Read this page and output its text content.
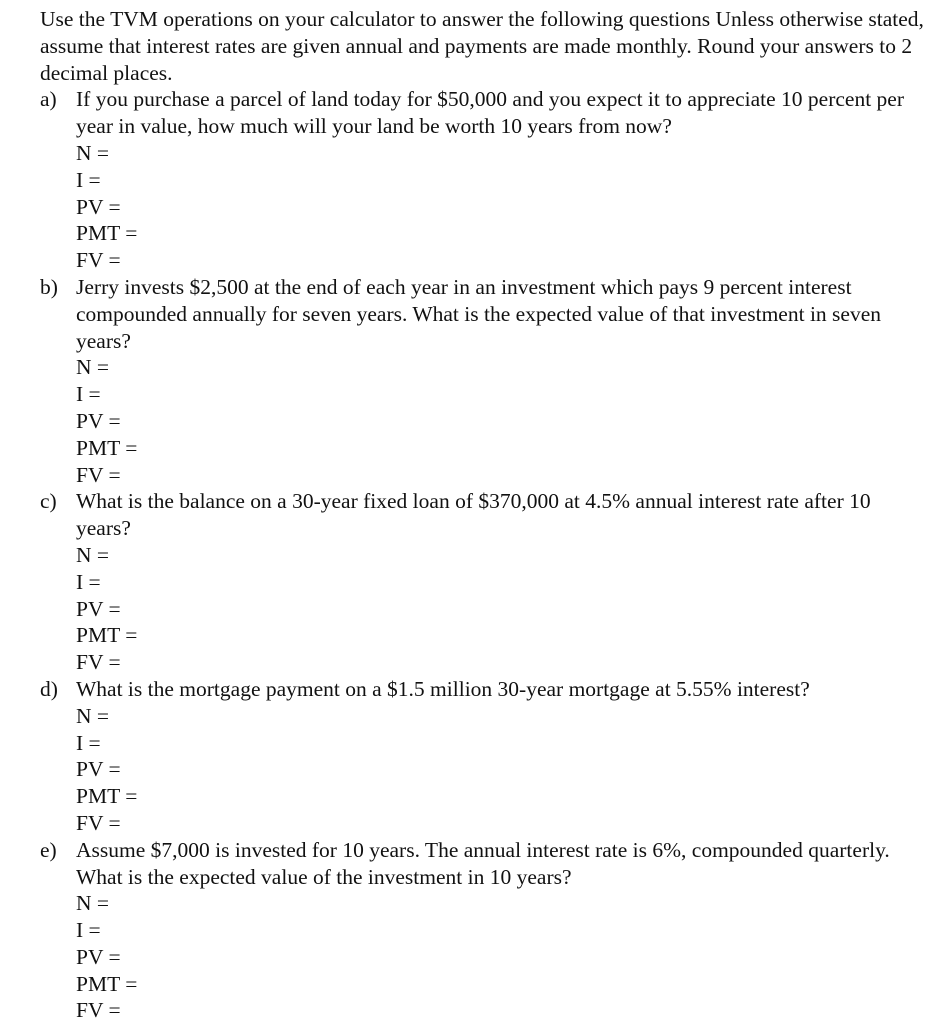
Use the TVM operations on your calculator to answer the following questions Unless otherwise stated, assume that interest rates are given annual and payments are made monthly. Round your answers to 2 decimal places.

a) If you purchase a parcel of land today for $50,000 and you expect it to appreciate 10 percent per year in value, how much will your land be worth 10 years from now?

N =
I =
PV =
PMT =
FV =
b) Jerry invests $2,500 at the end of each year in an investment which pays 9 percent interest compounded annually for seven years. What is the expected value of that investment in seven years?

N =
I =
PV =
PMT =
FV =
c) What is the balance on a 30-year fixed loan of $370,000 at 4.5% annual interest rate after 10 years?

N =
I =
PV =
PMT =
FV =
d) What is the mortgage payment on a $1.5 million 30-year mortgage at 5.55% interest?

N =
I =
PV =
PMT =
FV =
e) Assume $7,000 is invested for 10 years. The annual interest rate is 6%, compounded quarterly. What is the expected value of the investment in 10 years?

N =
I =
PV =
PMT =
FV =
